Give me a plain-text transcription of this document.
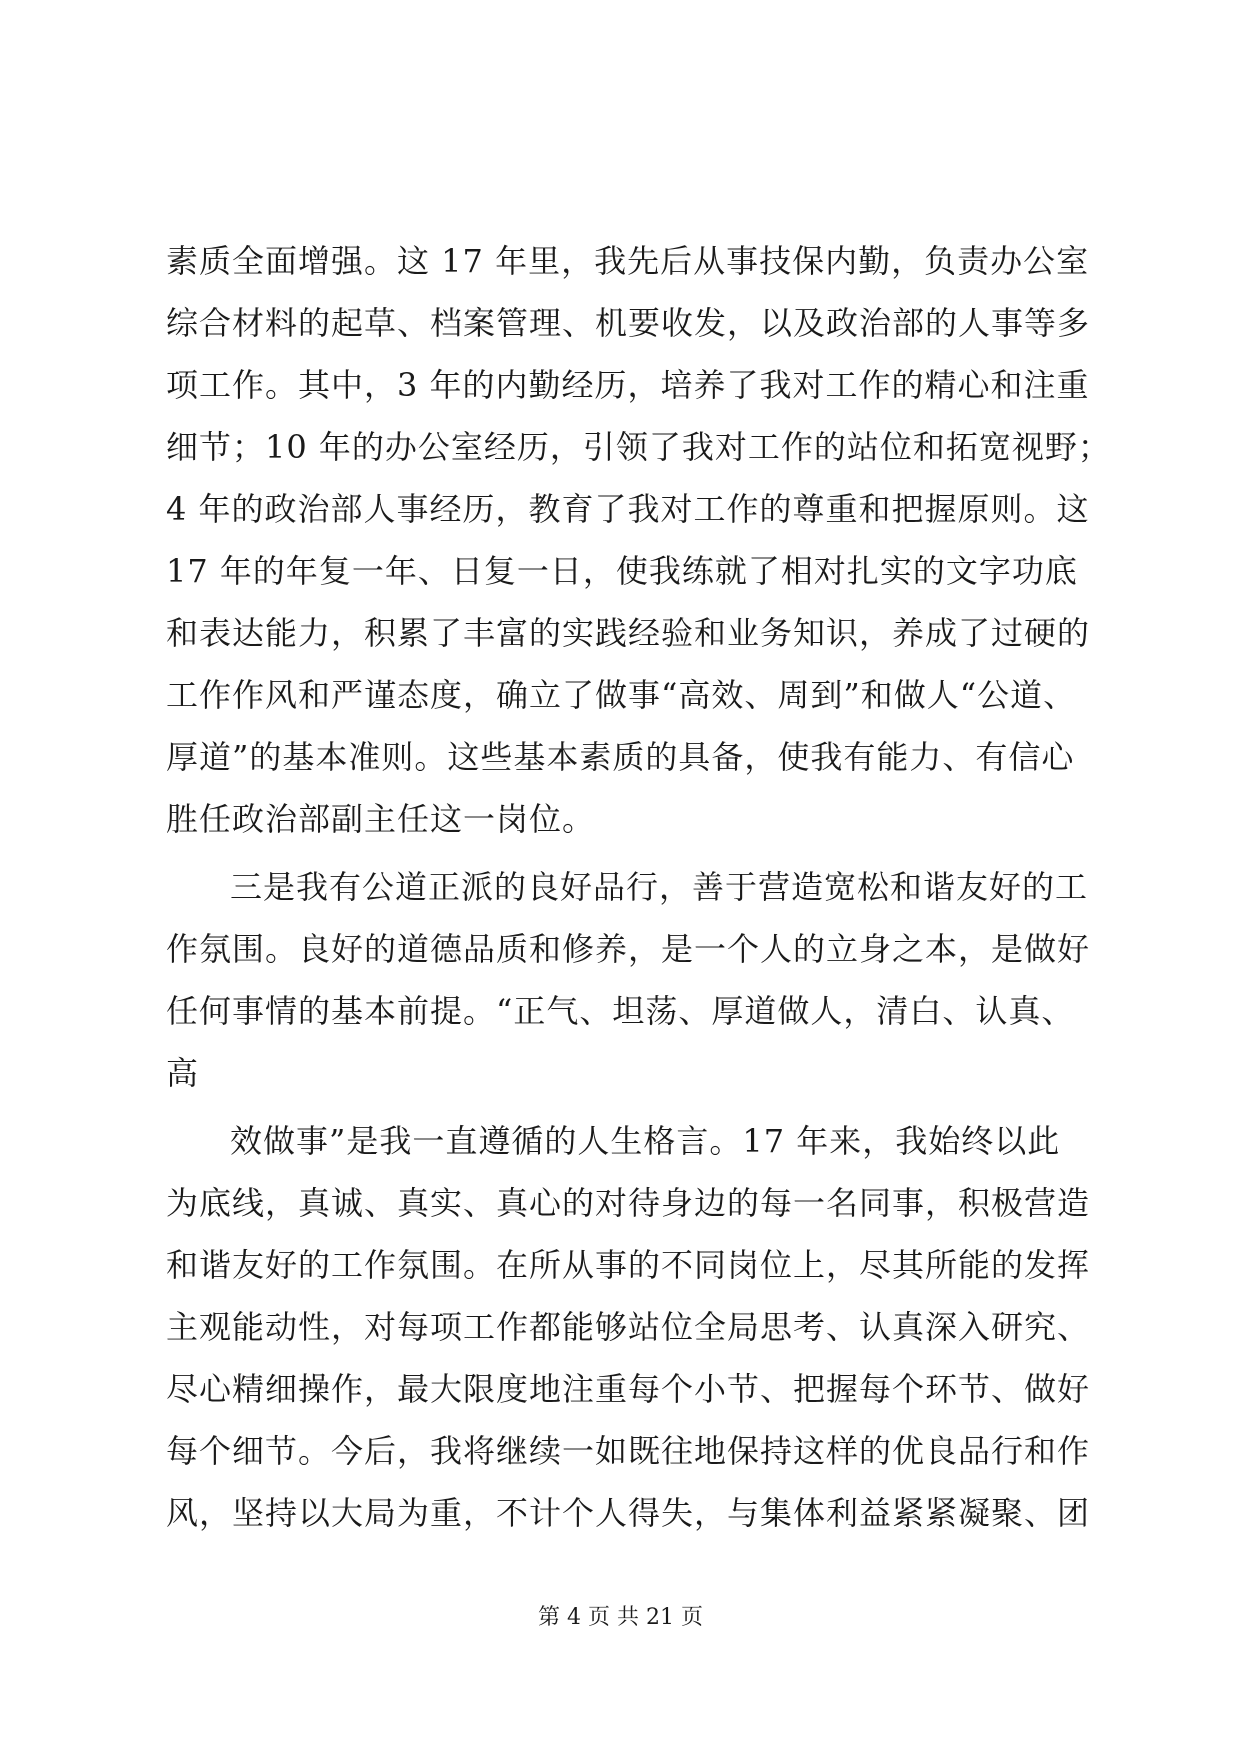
素质全面增强。这 17 年里，我先后从事技保内勤，负责办公室
综合材料的起草、档案管理、机要收发，以及政治部的人事等多
项工作。其中，3 年的内勤经历，培养了我对工作的精心和注重
细节；10 年的办公室经历，引领了我对工作的站位和拓宽视野；
4 年的政治部人事经历，教育了我对工作的尊重和把握原则。这
17 年的年复一年、日复一日，使我练就了相对扎实的文字功底
和表达能力，积累了丰富的实践经验和业务知识，养成了过硬的
工作作风和严谨态度，确立了做事“高效、周到”和做人“公道、
厚道”的基本准则。这些基本素质的具备，使我有能力、有信心
胜任政治部副主任这一岗位。
三是我有公道正派的良好品行，善于营造宽松和谐友好的工
作氛围。良好的道德品质和修养，是一个人的立身之本，是做好
任何事情的基本前提。“正气、坦荡、厚道做人，清白、认真、
高
效做事”是我一直遵循的人生格言。17 年来，我始终以此
为底线，真诚、真实、真心的对待身边的每一名同事，积极营造
和谐友好的工作氛围。在所从事的不同岗位上，尽其所能的发挥
主观能动性，对每项工作都能够站位全局思考、认真深入研究、
尽心精细操作，最大限度地注重每个小节、把握每个环节、做好
每个细节。今后，我将继续一如既往地保持这样的优良品行和作
风，坚持以大局为重，不计个人得失，与集体利益紧紧凝聚、团
第 4 页 共 21 页
